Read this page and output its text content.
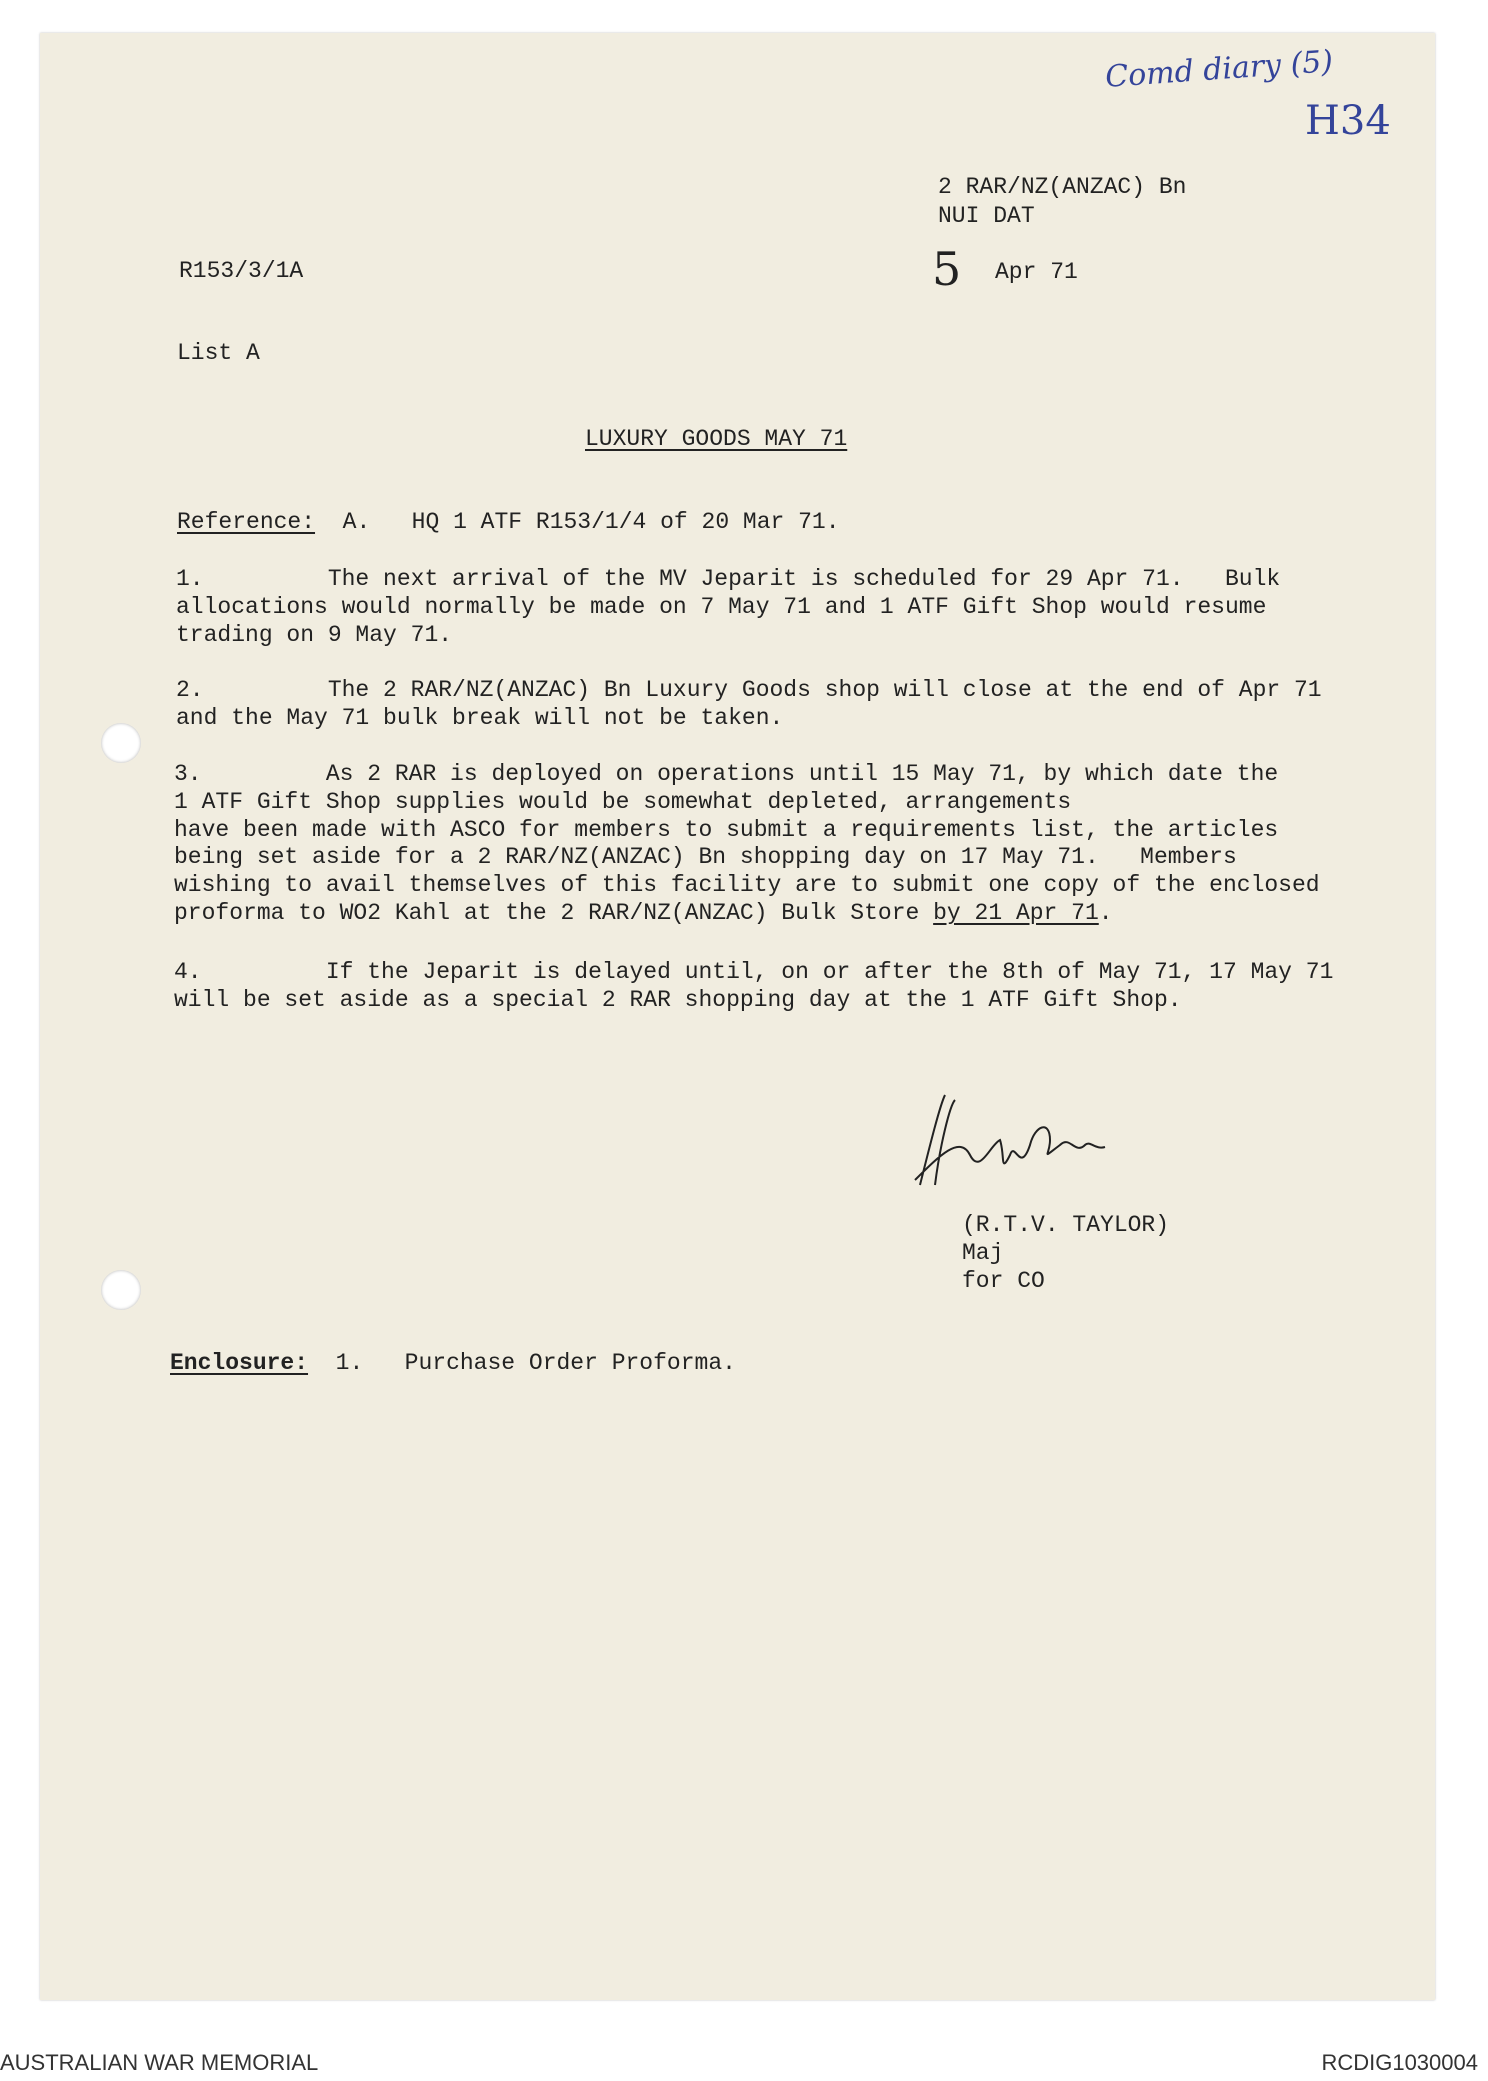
Comd diary (5)
H34
2 RAR/NZ(ANZAC) Bn
NUI DAT
R153/3/1A	5 Apr 71
List A
LUXURY GOODS MAY 71
Reference: A. HQ 1 ATF R153/1/4 of 20 Mar 71.
1.         The next arrival of the MV Jeparit is scheduled for 29 Apr 71.   Bulk
allocations would normally be made on 7 May 71 and 1 ATF Gift Shop would resume
trading on 9 May 71.
2.         The 2 RAR/NZ(ANZAC) Bn Luxury Goods shop will close at the end of Apr 71
and the May 71 bulk break will not be taken.
3.         As 2 RAR is deployed on operations until 15 May 71, by which date the
1 ATF Gift Shop supplies would be somewhat depleted, arrangements
have been made with ASCO for members to submit a requirements list, the articles
being set aside for a 2 RAR/NZ(ANZAC) Bn shopping day on 17 May 71.   Members
wishing to avail themselves of this facility are to submit one copy of the enclosed
proforma to WO2 Kahl at the 2 RAR/NZ(ANZAC) Bulk Store by 21 Apr 71.
4.         If the Jeparit is delayed until, on or after the 8th of May 71, 17 May 71
will be set aside as a special 2 RAR shopping day at the 1 ATF Gift Shop.
(R.T.V. TAYLOR)
Maj
for CO
Enclosure: 1. Purchase Order Proforma.
AUSTRALIAN WAR MEMORIAL	RCDIG1030004
